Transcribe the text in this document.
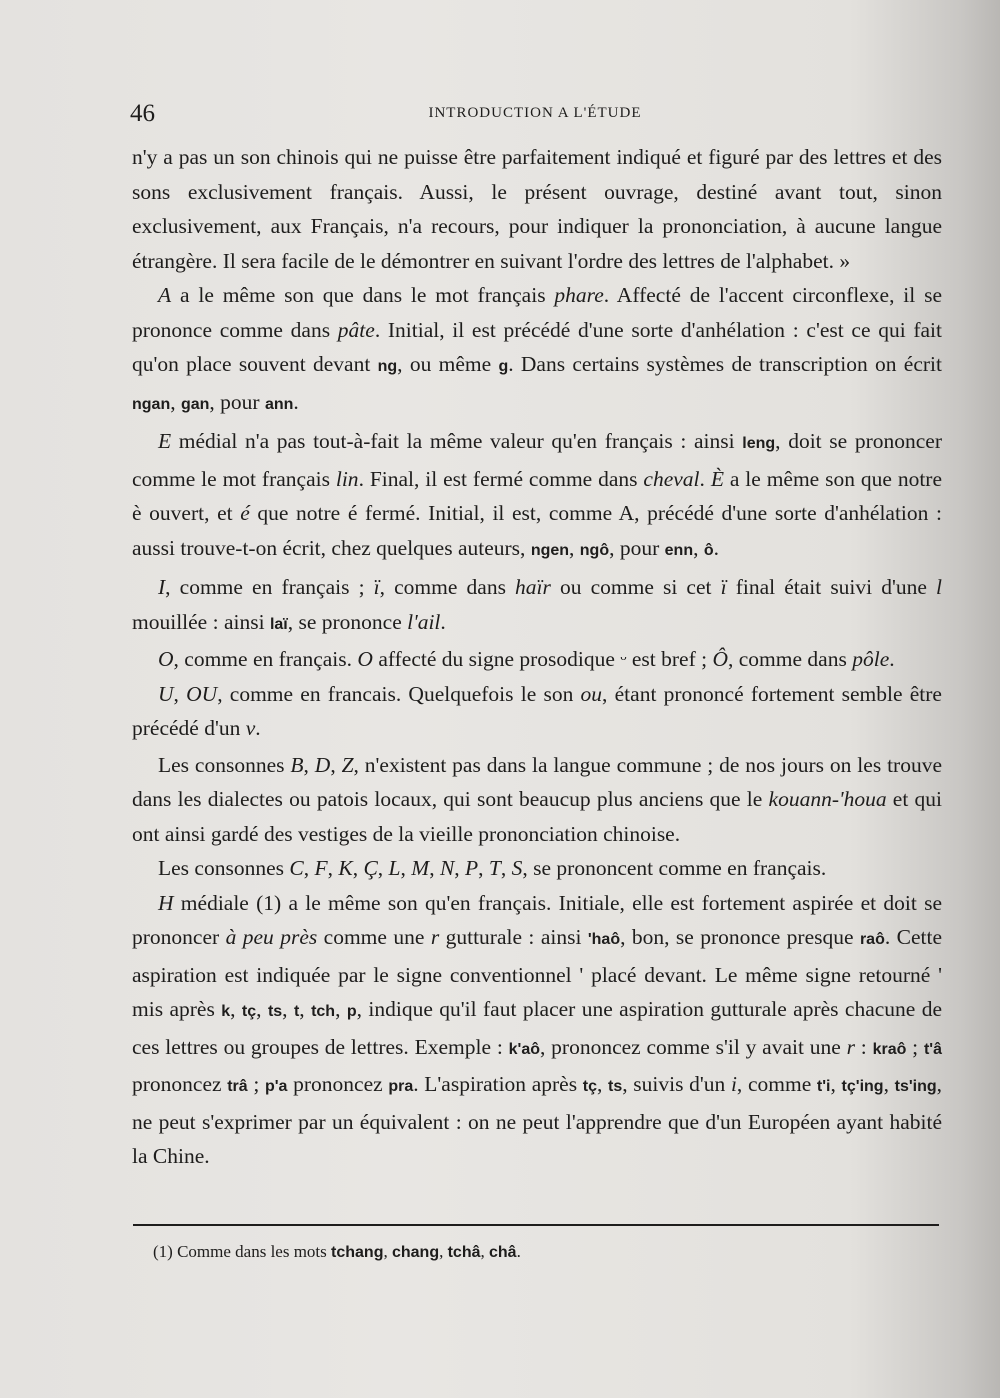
46	INTRODUCTION A L'ÉTUDE

n'y a pas un son chinois qui ne puisse être parfaitement indiqué et figuré par des lettres et des sons exclusivement français. Aussi, le présent ouvrage, destiné avant tout, sinon exclusivement, aux Français, n'a recours, pour indiquer la prononciation, à aucune langue étrangère. Il sera facile de le démontrer en suivant l'ordre des lettres de l'alphabet. »

A a le même son que dans le mot français phare. Affecté de l'accent circonflexe, il se prononce comme dans pâte. Initial, il est précédé d'une sorte d'anhélation : c'est ce qui fait qu'on place souvent devant ng, ou même g. Dans certains systèmes de transcription on écrit ngan, gan, pour ann.

E médial n'a pas tout-à-fait la même valeur qu'en français : ainsi leng, doit se prononcer comme le mot français lin. Final, il est fermé comme dans cheval. È a le même son que notre è ouvert, et é que notre é fermé. Initial, il est, comme A, précédé d'une sorte d'anhélation : aussi trouve-t-on écrit, chez quelques auteurs, ngen, ngô, pour enn, ô.

I, comme en français ; ï, comme dans haïr ou comme si cet ï final était suivi d'une l mouillée : ainsi laï, se prononce l'ail.

O, comme en français. O affecté du signe prosodique ᵕ est bref ; Ô, comme dans pôle.

U, OU, comme en francais. Quelquefois le son ou, étant prononcé fortement semble être précédé d'un v.

Les consonnes B, D, Z, n'existent pas dans la langue commune ; de nos jours on les trouve dans les dialectes ou patois locaux, qui sont beaucup plus anciens que le kouann-'houa et qui ont ainsi gardé des vestiges de la vieille prononciation chinoise.

Les consonnes C, F, K, Ç, L, M, N, P, T, S, se prononcent comme en français.

H médiale (1) a le même son qu'en français. Initiale, elle est fortement aspirée et doit se prononcer à peu près comme une r gutturale : ainsi 'haô, bon, se prononce presque raô. Cette aspiration est indiquée par le signe conventionnel ' placé devant. Le même signe retourné ' mis après k, tç, ts, t, tch, p, indique qu'il faut placer une aspiration gutturale après chacune de ces lettres ou groupes de lettres. Exemple : k'aô, prononcez comme s'il y avait une r : kraô ; t'â prononcez trâ ; p'a prononcez pra. L'aspiration après tç, ts, suivis d'un i, comme t'i, tç'ing, ts'ing, ne peut s'exprimer par un équivalent : on ne peut l'apprendre que d'un Européen ayant habité la Chine.

(1) Comme dans les mots tchang, chang, tchâ, châ.
